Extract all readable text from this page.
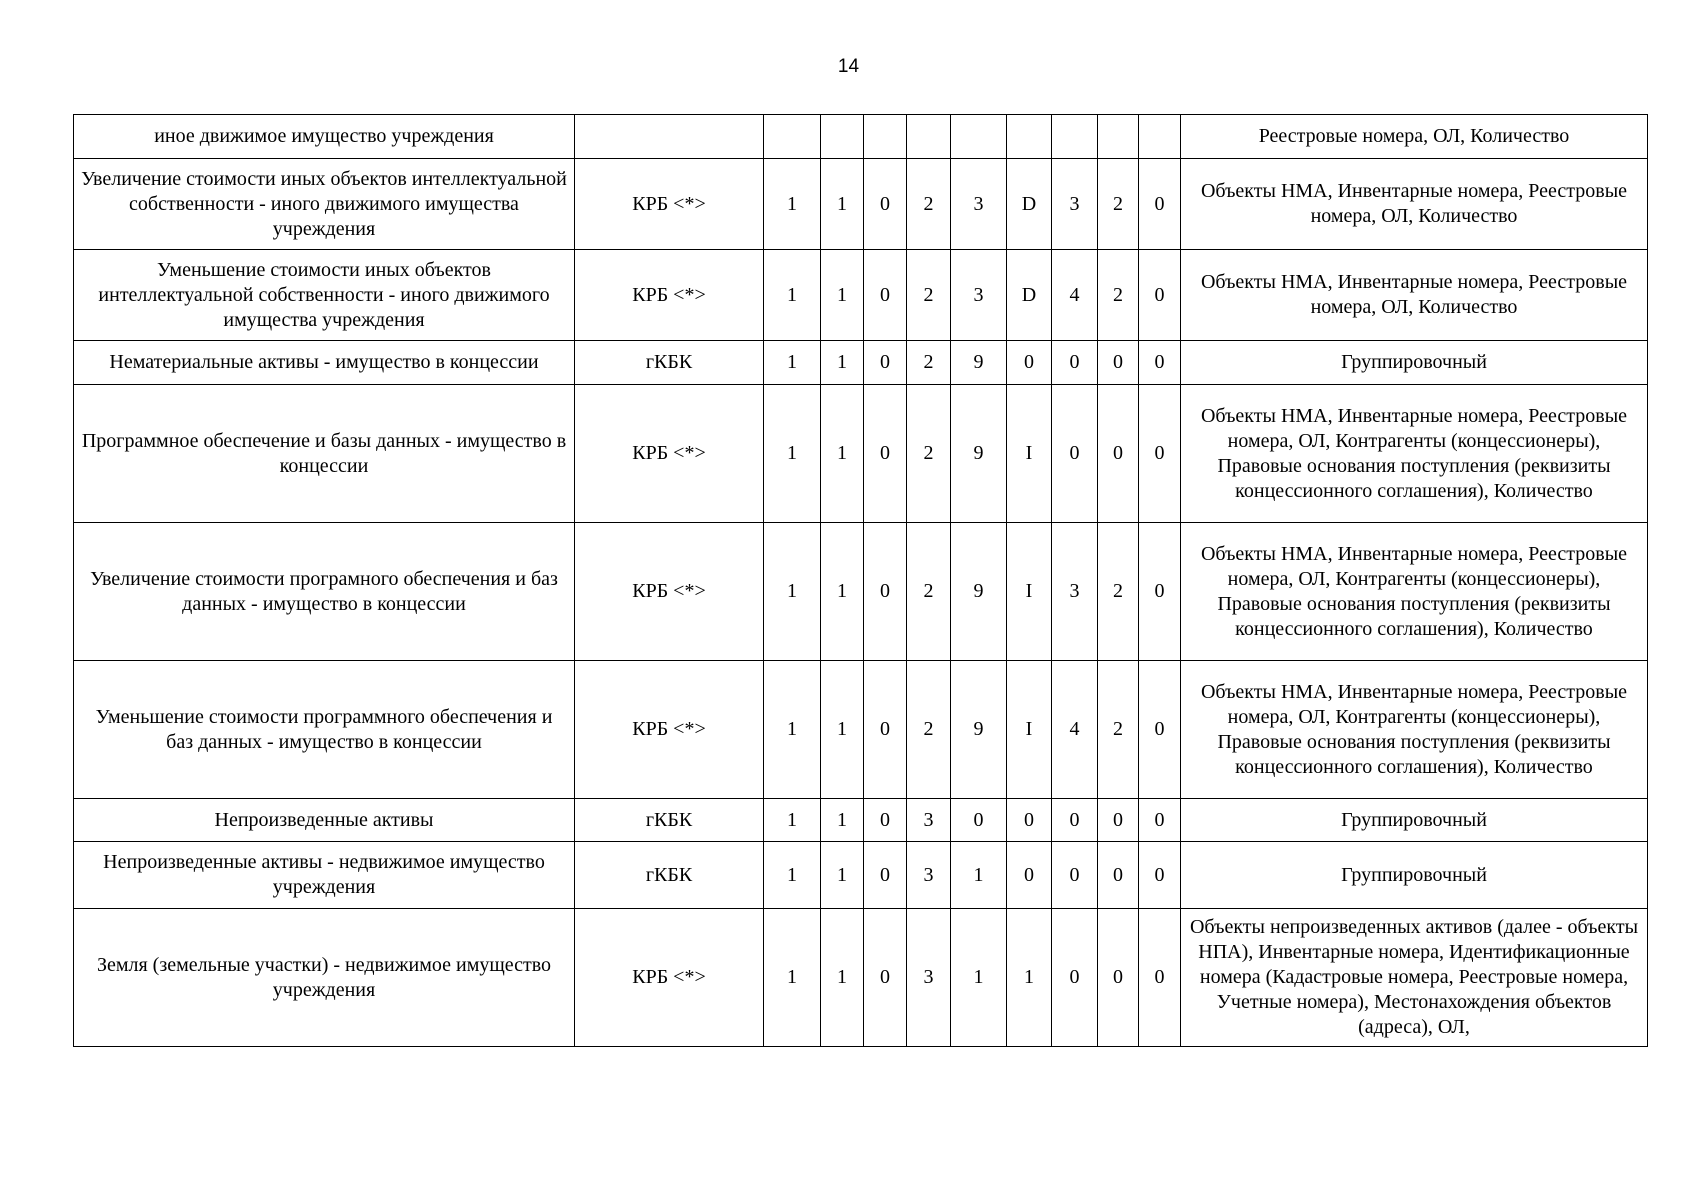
14
иное движимое имущество учреждения											Реестровые номера, ОЛ, Количество
Увеличение стоимости иных объектов интеллектуальной собственности - иного движимого имущества учреждения	КРБ <*>	1	1	0	2	3	D	3	2	0	Объекты НМА, Инвентарные номера, Реестровые номера, ОЛ, Количество
Уменьшение стоимости иных объектов интеллектуальной собственности - иного движимого имущества учреждения	КРБ <*>	1	1	0	2	3	D	4	2	0	Объекты НМА, Инвентарные номера, Реестровые номера, ОЛ, Количество
Нематериальные активы - имущество в концессии	гКБК	1	1	0	2	9	0	0	0	0	Группировочный
Программное обеспечение и базы данных - имущество в концессии	КРБ <*>	1	1	0	2	9	I	0	0	0	Объекты НМА, Инвентарные номера, Реестровые номера, ОЛ, Контрагенты (концессионеры), Правовые основания поступления (реквизиты концессионного соглашения), Количество
Увеличение стоимости програмного обеспечения и баз данных - имущество в концессии	КРБ <*>	1	1	0	2	9	I	3	2	0	Объекты НМА, Инвентарные номера, Реестровые номера, ОЛ, Контрагенты (концессионеры), Правовые основания поступления (реквизиты концессионного соглашения), Количество
Уменьшение стоимости программного обеспечения и баз данных - имущество в концессии	КРБ <*>	1	1	0	2	9	I	4	2	0	Объекты НМА, Инвентарные номера, Реестровые номера, ОЛ, Контрагенты (концессионеры), Правовые основания поступления (реквизиты концессионного соглашения), Количество
Непроизведенные активы	гКБК	1	1	0	3	0	0	0	0	0	Группировочный
Непроизведенные активы - недвижимое имущество учреждения	гКБК	1	1	0	3	1	0	0	0	0	Группировочный
Земля (земельные участки) - недвижимое имущество учреждения	КРБ <*>	1	1	0	3	1	1	0	0	0	Объекты непроизведенных активов (далее - объекты НПА), Инвентарные номера, Идентификационные номера (Кадастровые номера, Реестровые номера, Учетные номера), Местонахождения объектов (адреса), ОЛ,
